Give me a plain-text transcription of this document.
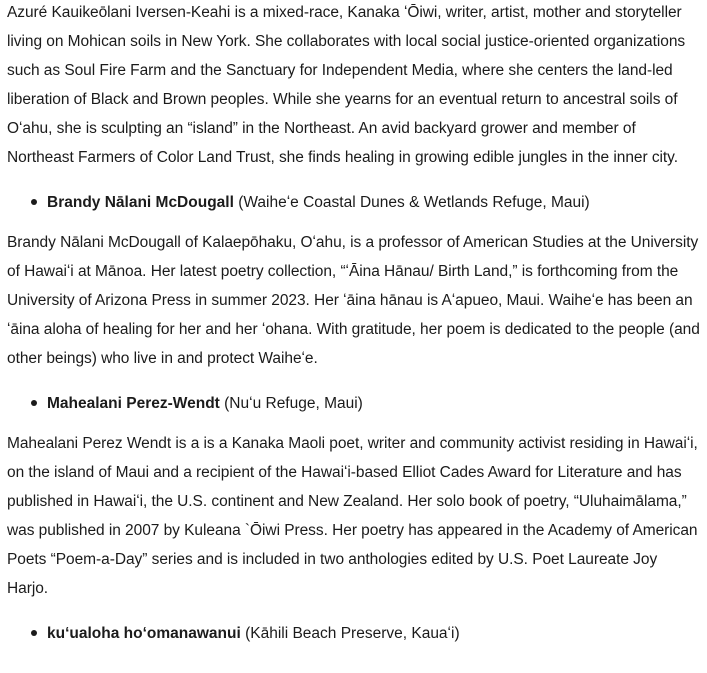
Azuré Kauikeōlani Iversen-Keahi is a mixed-race, Kanaka ʻŌiwi, writer, artist, mother and storyteller living on Mohican soils in New York. She collaborates with local social justice-oriented organizations such as Soul Fire Farm and the Sanctuary for Independent Media, where she centers the land-led liberation of Black and Brown peoples. While she yearns for an eventual return to ancestral soils of Oʻahu, she is sculpting an “island” in the Northeast. An avid backyard grower and member of Northeast Farmers of Color Land Trust, she finds healing in growing edible jungles in the inner city.

Brandy Nālani McDougall (Waiheʻe Coastal Dunes & Wetlands Refuge, Maui)

Brandy Nālani McDougall of Kalaepōhaku, Oʻahu, is a professor of American Studies at the University of Hawaiʻi at Mānoa. Her latest poetry collection, “ʻĀina Hānau/ Birth Land,” is forthcoming from the University of Arizona Press in summer 2023. Her ʻāina hānau is Aʻapueo, Maui. Waiheʻe has been an ʻāina aloha of healing for her and her ʻohana. With gratitude, her poem is dedicated to the people (and other beings) who live in and protect Waiheʻe.

Mahealani Perez-Wendt (Nuʻu Refuge, Maui)

Mahealani Perez Wendt is a is a Kanaka Maoli poet, writer and community activist residing in Hawaiʻi, on the island of Maui and a recipient of the Hawaiʻi-based Elliot Cades Award for Literature and has published in Hawaiʻi, the U.S. continent and New Zealand. Her solo book of poetry, “Uluhaimālama,” was published in 2007 by Kuleana `Ōiwi Press. Her poetry has appeared in the Academy of American Poets “Poem-a-Day” series and is included in two anthologies edited by U.S. Poet Laureate Joy Harjo.

kuʻualoha hoʻomanawanui (Kāhili Beach Preserve, Kauaʻi)
